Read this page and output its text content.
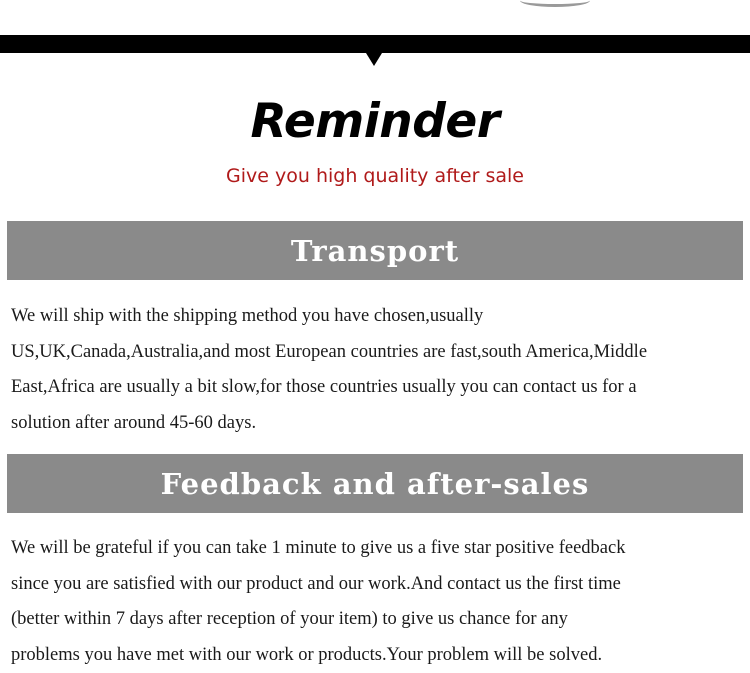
Reminder
Give you high quality after sale
Transport
We will ship with the shipping method you have chosen,usually
US,UK,Canada,Australia,and most European countries are fast,south America,Middle
East,Africa are usually a bit slow,for those countries usually you can contact us for a
solution after around 45-60 days.
Feedback and after-sales
We will be grateful if you can take 1 minute to give us a five star positive feedback
since you are satisfied with our product and our work.And contact us the first time
(better within 7 days after reception of your item) to give us chance for any
problems you have met with our work or products.Your problem will be solved.
